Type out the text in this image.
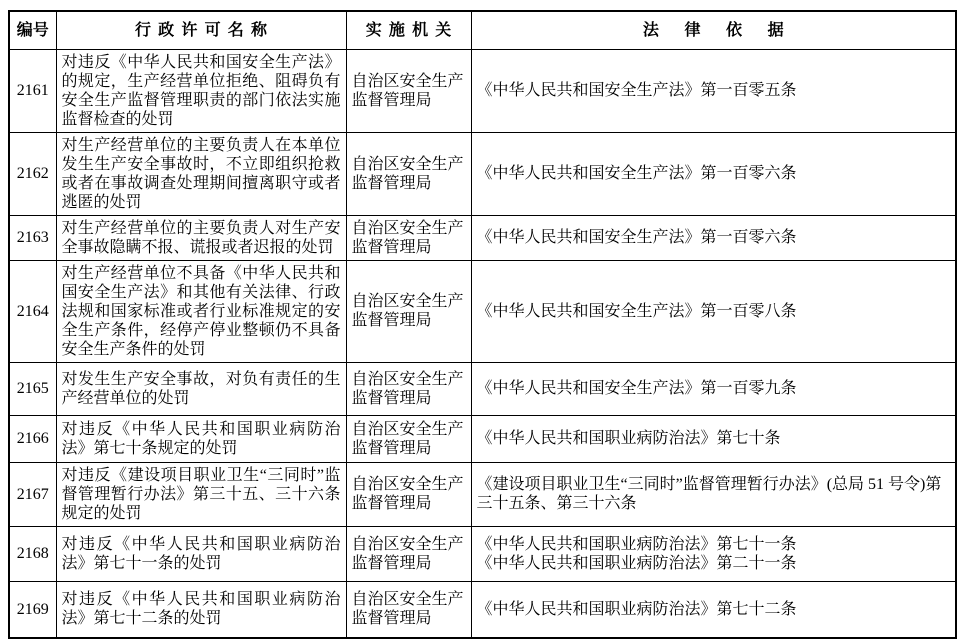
编号	行政许可名称	实施机关	法律依据
2161	对违反《中华人民共和国安全生产法》的规定，生产经营单位拒绝、阻碍负有安全生产监督管理职责的部门依法实施监督检查的处罚	自治区安全生产监督管理局	《中华人民共和国安全生产法》第一百零五条

2162	对生产经营单位的主要负责人在本单位发生生产安全事故时，不立即组织抢救或者在事故调查处理期间擅离职守或者逃匿的处罚	自治区安全生产监督管理局	《中华人民共和国安全生产法》第一百零六条

2163	对生产经营单位的主要负责人对生产安全事故隐瞒不报、谎报或者迟报的处罚	自治区安全生产监督管理局	《中华人民共和国安全生产法》第一百零六条

2164	对生产经营单位不具备《中华人民共和国安全生产法》和其他有关法律、行政法规和国家标准或者行业标准规定的安全生产条件，经停产停业整顿仍不具备安全生产条件的处罚	自治区安全生产监督管理局	《中华人民共和国安全生产法》第一百零八条

2165	对发生生产安全事故，对负有责任的生产经营单位的处罚	自治区安全生产监督管理局	《中华人民共和国安全生产法》第一百零九条

2166	对违反《中华人民共和国职业病防治法》第七十条规定的处罚	自治区安全生产监督管理局	《中华人民共和国职业病防治法》第七十条

2167	对违反《建设项目职业卫生“三同时”监督管理暂行办法》第三十五、三十六条规定的处罚	自治区安全生产监督管理局	《建设项目职业卫生“三同时”监督管理暂行办法》(总局 51 号令)第三十五条、第三十六条

2168	对违反《中华人民共和国职业病防治法》第七十一条的处罚	自治区安全生产监督管理局	《中华人民共和国职业病防治法》第七十一条
《中华人民共和国职业病防治法》第二十一条

2169	对违反《中华人民共和国职业病防治法》第七十二条的处罚	自治区安全生产监督管理局	《中华人民共和国职业病防治法》第七十二条
